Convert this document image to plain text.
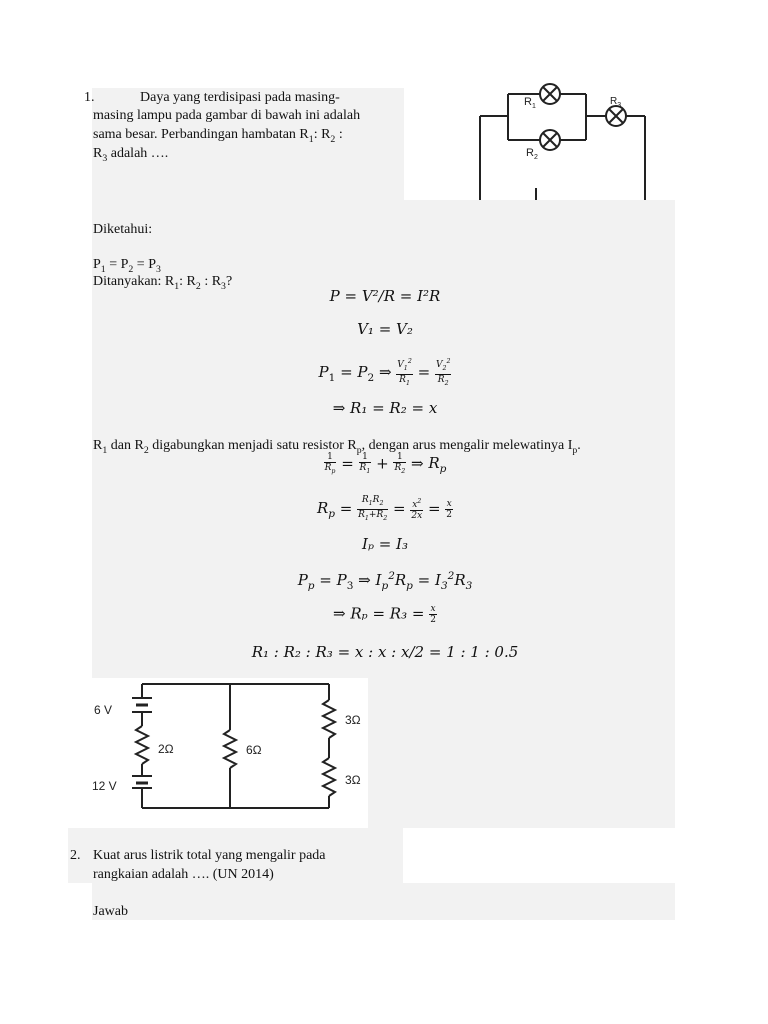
1.	Daya yang terdisipasi pada masing-
masing lampu pada gambar di bawah ini adalah
sama besar. Perbandingan hambatan $R_1$: $R_2$ :
$R_3$ adalah ….
$R_1$
$R_2$
$R_3$
Diketahui:
$P_1 = P_2 = P_3$
Ditanyakan: $R_1$: $R_2$ : $R_3$?
P = V²/R = I²R
V₁ = V₂
$P_1 = P_2$ ⇒ $\frac{V_1^2}{R_1} = \frac{V_2^2}{R_2}$
⇒ R₁ = R₂ = x
$R_1$ dan $R_2$ digabungkan menjadi satu resistor $R_p$, dengan arus mengalir melewatinya $I_p$.
$\frac{1}{R_p} = \frac{1}{R_1} + \frac{1}{R_2}$ ⇒ $R_p$
$R_p = \frac{R_1R_2}{R_1+R_2} = \frac{x^2}{2x} = \frac{x}{2}$
Iₚ = I₃
$P_p = P_3$ ⇒ $I_p^2R_p = I_3^2R_3$
⇒ $R_p = R_3 = \frac{x}{2}$
R₁ : R₂ : R₃ = x : x : x/2 = 1 : 1 : 0.5
6 V
12 V
2Ω	6Ω
3Ω
3Ω
2. Kuat arus listrik total yang mengalir pada
rangkaian adalah …. (UN 2014)
Jawab
